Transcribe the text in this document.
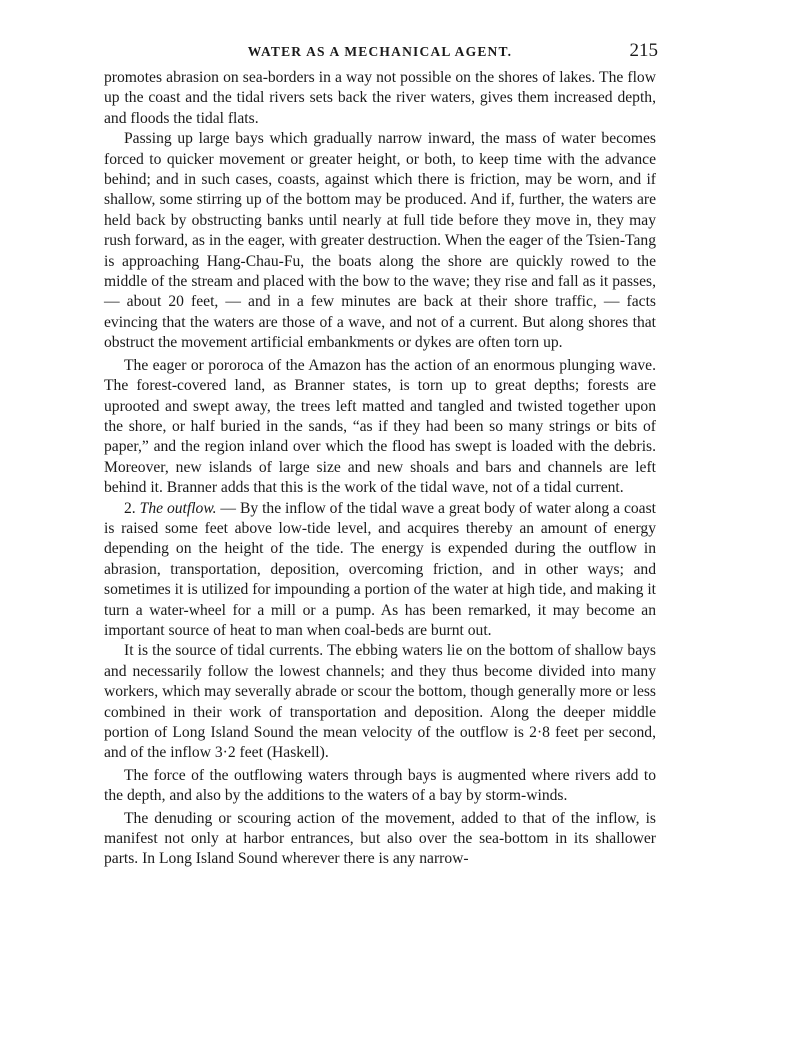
WATER AS A MECHANICAL AGENT.	215

promotes abrasion on sea-borders in a way not possible on the shores of lakes. The flow up the coast and the tidal rivers sets back the river waters, gives them increased depth, and floods the tidal flats.

Passing up large bays which gradually narrow inward, the mass of water becomes forced to quicker movement or greater height, or both, to keep time with the advance behind; and in such cases, coasts, against which there is friction, may be worn, and if shallow, some stirring up of the bottom may be produced. And if, further, the waters are held back by obstructing banks until nearly at full tide before they move in, they may rush forward, as in the eager, with greater destruction. When the eager of the Tsien-Tang is approaching Hang-Chau-Fu, the boats along the shore are quickly rowed to the middle of the stream and placed with the bow to the wave; they rise and fall as it passes, — about 20 feet, — and in a few minutes are back at their shore traffic, — facts evincing that the waters are those of a wave, and not of a current. But along shores that obstruct the movement artificial embankments or dykes are often torn up.

The eager or pororoca of the Amazon has the action of an enormous plunging wave. The forest-covered land, as Branner states, is torn up to great depths; forests are uprooted and swept away, the trees left matted and tangled and twisted together upon the shore, or half buried in the sands, “as if they had been so many strings or bits of paper,” and the region inland over which the flood has swept is loaded with the debris. Moreover, new islands of large size and new shoals and bars and channels are left behind it. Branner adds that this is the work of the tidal wave, not of a tidal current.

2. The outflow. — By the inflow of the tidal wave a great body of water along a coast is raised some feet above low-tide level, and acquires thereby an amount of energy depending on the height of the tide. The energy is expended during the outflow in abrasion, transportation, deposition, overcoming friction, and in other ways; and sometimes it is utilized for impounding a portion of the water at high tide, and making it turn a water-wheel for a mill or a pump. As has been remarked, it may become an important source of heat to man when coal-beds are burnt out.

It is the source of tidal currents. The ebbing waters lie on the bottom of shallow bays and necessarily follow the lowest channels; and they thus become divided into many workers, which may severally abrade or scour the bottom, though generally more or less combined in their work of transportation and deposition. Along the deeper middle portion of Long Island Sound the mean velocity of the outflow is 2·8 feet per second, and of the inflow 3·2 feet (Haskell).

The force of the outflowing waters through bays is augmented where rivers add to the depth, and also by the additions to the waters of a bay by storm-winds.

The denuding or scouring action of the movement, added to that of the inflow, is manifest not only at harbor entrances, but also over the sea-bottom in its shallower parts. In Long Island Sound wherever there is any narrow-
